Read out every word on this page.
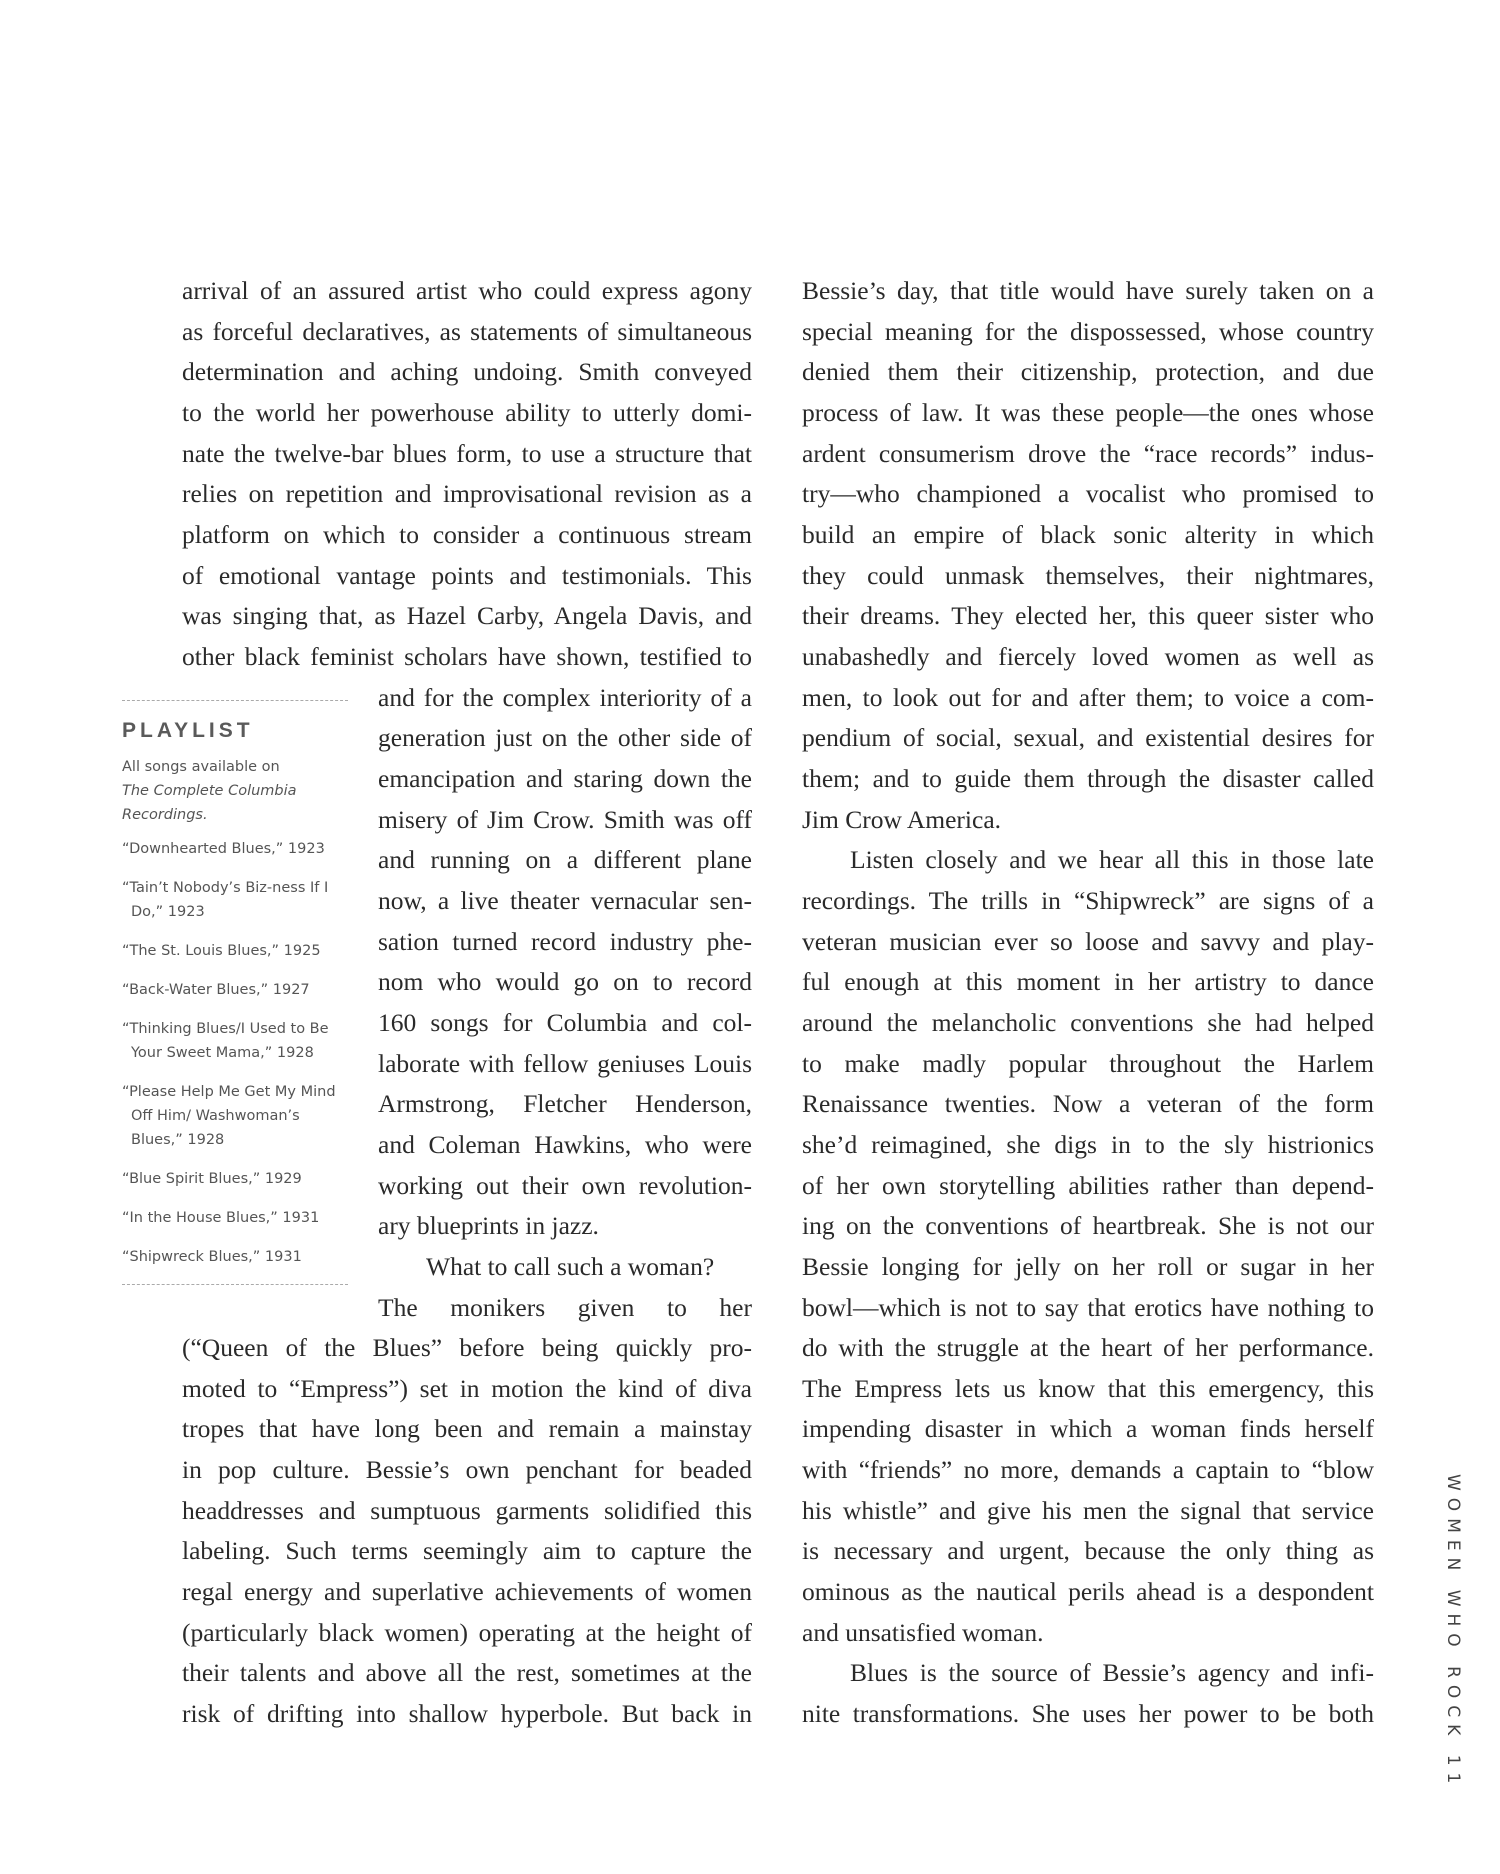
arrival of an assured artist who could express agony
as forceful declaratives, as statements of simultaneous
determination and aching undoing. Smith conveyed
to the world her powerhouse ability to utterly domi-
nate the twelve-bar blues form, to use a structure that
relies on repetition and improvisational revision as a
platform on which to consider a continuous stream
of emotional vantage points and testimonials. This
was singing that, as Hazel Carby, Angela Davis, and
other black feminist scholars have shown, testified to
and for the complex interiority of a
generation just on the other side of
emancipation and staring down the
misery of Jim Crow. Smith was off
and running on a different plane
now, a live theater vernacular sen-
sation turned record industry phe-
nom who would go on to record
160 songs for Columbia and col-
laborate with fellow geniuses Louis
Armstrong, Fletcher Henderson,
and Coleman Hawkins, who were
working out their own revolution-
ary blueprints in jazz.
What to call such a woman?
The monikers given to her
(“Queen of the Blues” before being quickly pro-
moted to “Empress”) set in motion the kind of diva
tropes that have long been and remain a mainstay
in pop culture. Bessie’s own penchant for beaded
headdresses and sumptuous garments solidified this
labeling. Such terms seemingly aim to capture the
regal energy and superlative achievements of women
(particularly black women) operating at the height of
their talents and above all the rest, sometimes at the
risk of drifting into shallow hyperbole. But back in
Bessie’s day, that title would have surely taken on a
special meaning for the dispossessed, whose country
denied them their citizenship, protection, and due
process of law. It was these people—the ones whose
ardent consumerism drove the “race records” indus-
try—who championed a vocalist who promised to
build an empire of black sonic alterity in which
they could unmask themselves, their nightmares,
their dreams. They elected her, this queer sister who
unabashedly and fiercely loved women as well as
men, to look out for and after them; to voice a com-
pendium of social, sexual, and existential desires for
them; and to guide them through the disaster called
Jim Crow America.
Listen closely and we hear all this in those late
recordings. The trills in “Shipwreck” are signs of a
veteran musician ever so loose and savvy and play-
ful enough at this moment in her artistry to dance
around the melancholic conventions she had helped
to make madly popular throughout the Harlem
Renaissance twenties. Now a veteran of the form
she’d reimagined, she digs in to the sly histrionics
of her own storytelling abilities rather than depend-
ing on the conventions of heartbreak. She is not our
Bessie longing for jelly on her roll or sugar in her
bowl—which is not to say that erotics have nothing to
do with the struggle at the heart of her performance.
The Empress lets us know that this emergency, this
impending disaster in which a woman finds herself
with “friends” no more, demands a captain to “blow
his whistle” and give his men the signal that service
is necessary and urgent, because the only thing as
ominous as the nautical perils ahead is a despondent
and unsatisfied woman.
Blues is the source of Bessie’s agency and infi-
nite transformations. She uses her power to be both
PLAYLIST
All songs available on
The Complete Columbia Recordings.
“Downhearted Blues,” 1923
“Tain’t Nobody’s Biz-ness If I Do,” 1923
“The St. Louis Blues,” 1925
“Back-Water Blues,” 1927
“Thinking Blues/I Used to Be Your Sweet Mama,” 1928
“Please Help Me Get My Mind Off Him/ Washwoman’s Blues,” 1928
“Blue Spirit Blues,” 1929
“In the House Blues,” 1931
“Shipwreck Blues,” 1931
WOMEN WHO ROCK 11
